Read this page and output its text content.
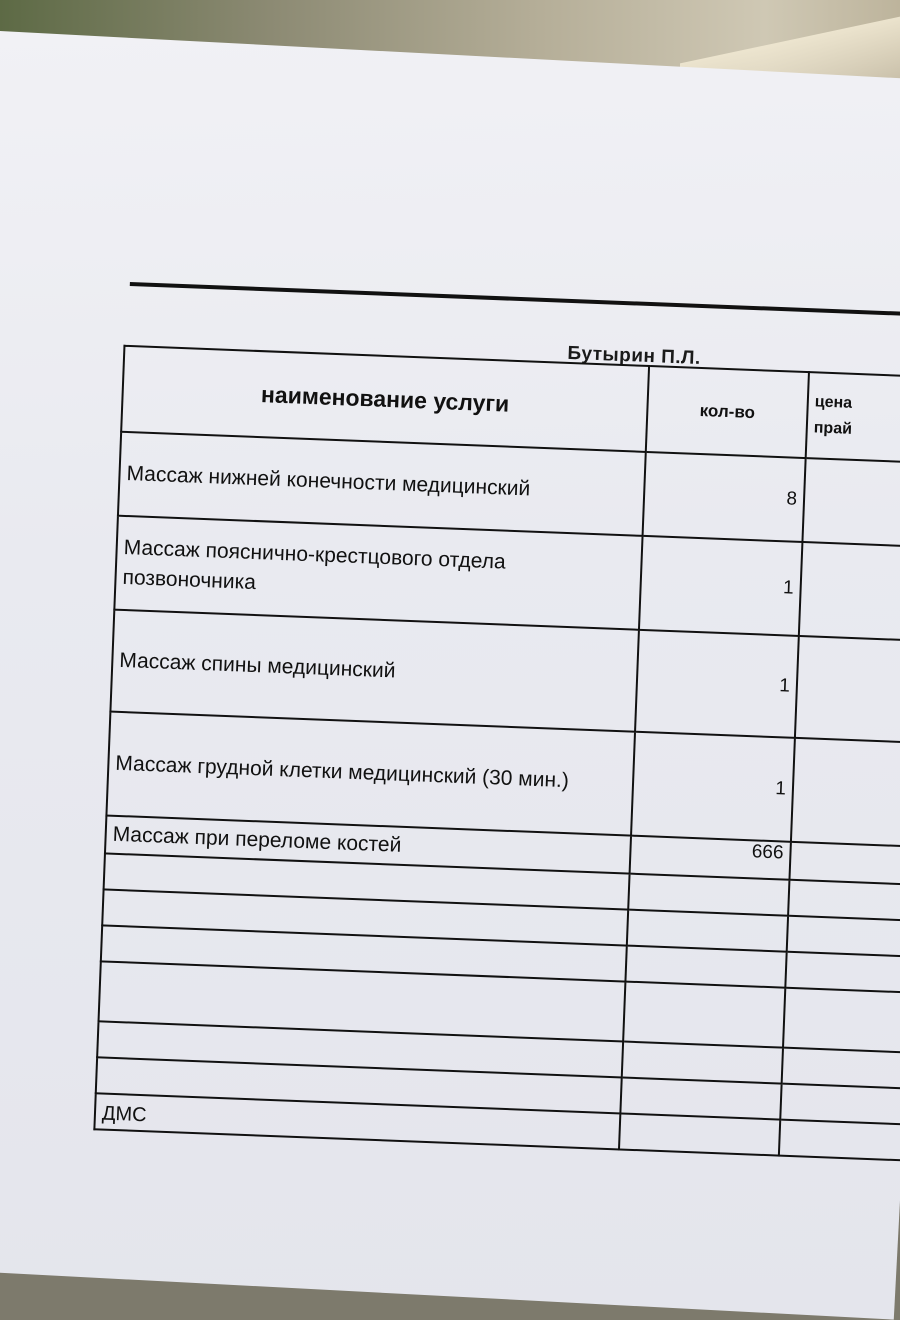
Бутырин П.Л.
наименование услуги	кол-во	цена
прай

Массаж нижней конечности медицинский	8	
Массаж пояснично-крестцового отдела позвоночника	1	
Массаж спины медицинский	1	
Массаж грудной клетки медицинский (30 мин.)	1	
Массаж при переломе костей	666	

ДМС		
